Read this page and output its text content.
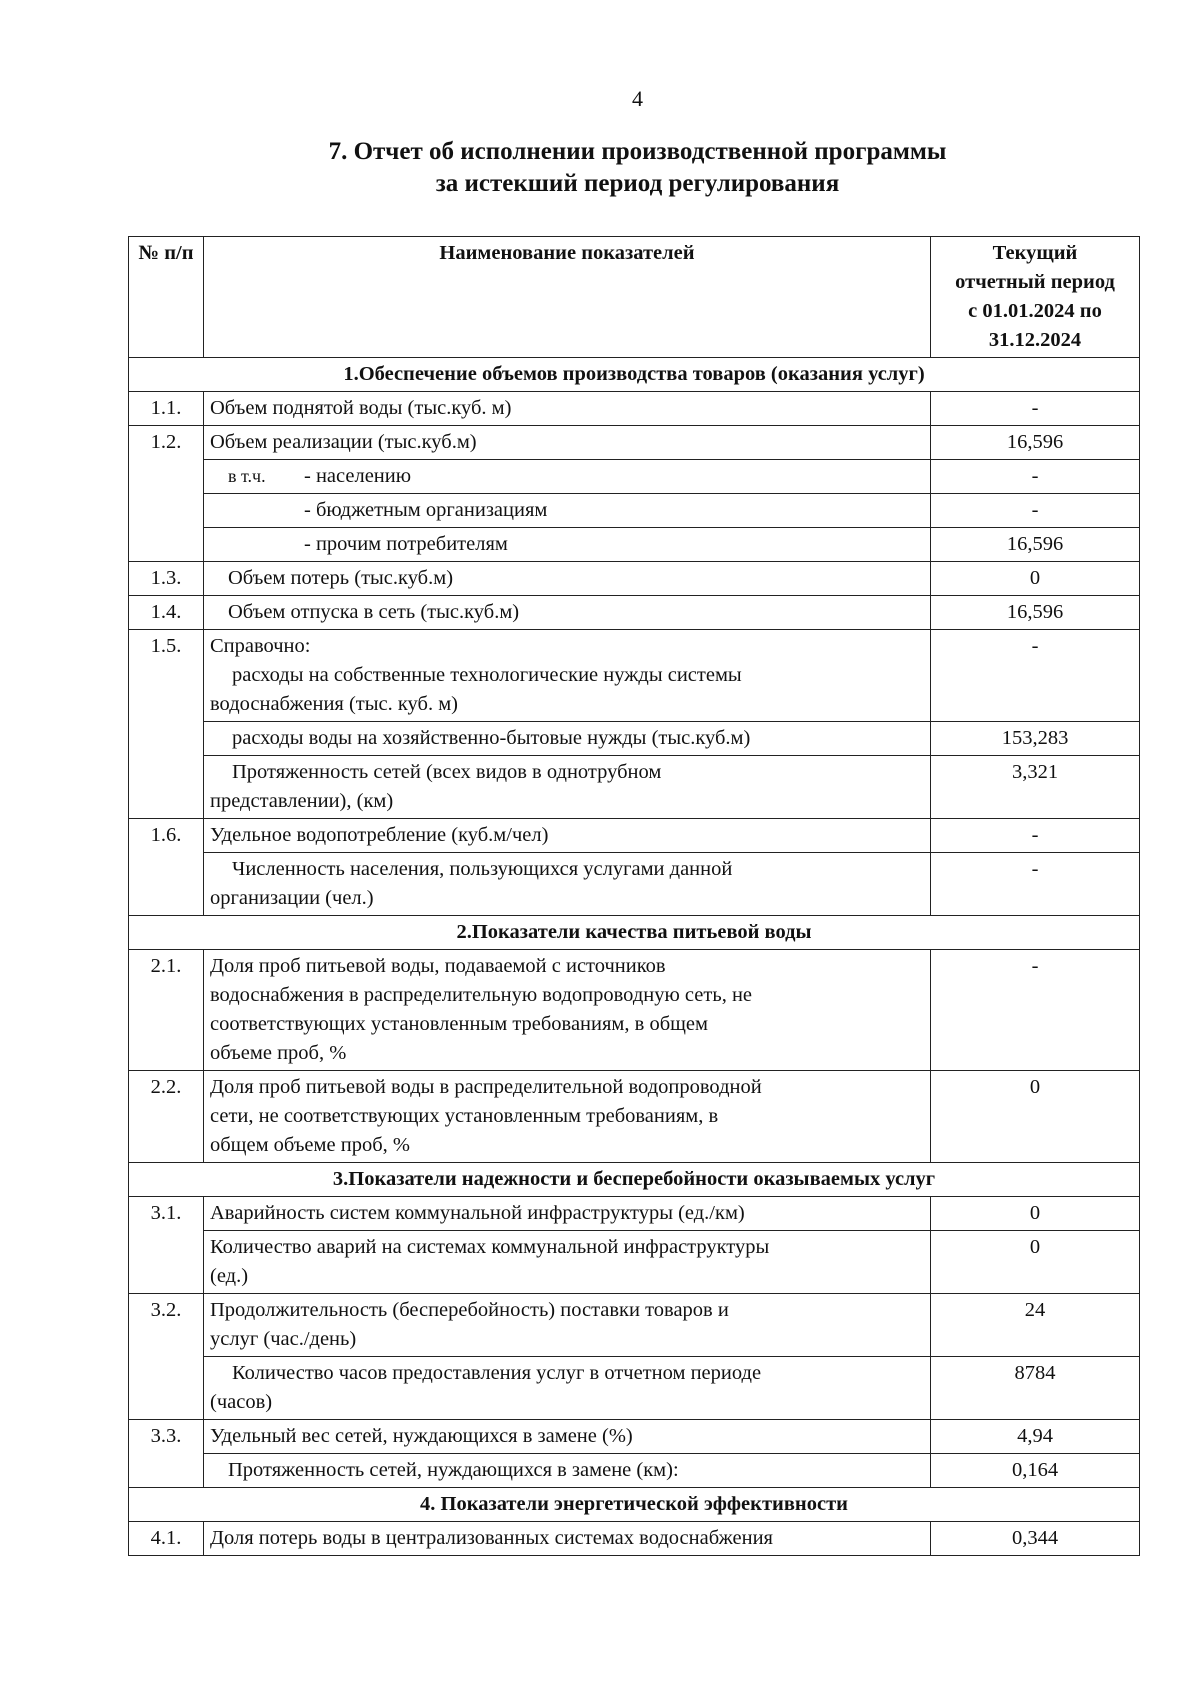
4
7. Отчет об исполнении производственной программы
за истекший период регулирования
№ п/п	Наименование показателей	Текущий
отчетный период
с 01.01.2024 по
31.12.2024

1.Обеспечение объемов производства товаров (оказания услуг)		
1.1.	Объем поднятой воды (тыс.куб. м)	-
1.2.	Объем реализации (тыс.куб.м)	16,596
	в т.ч. - населению	-
	- бюджетным организациям	-
	- прочим потребителям	16,596
1.3.	Объем потерь (тыс.куб.м)	0
1.4.	Объем отпуска в сеть (тыс.куб.м)	16,596
1.5.	Справочно:
расходы на собственные технологические нужды системы
водоснабжения (тыс. куб. м)	-
	расходы воды на хозяйственно-бытовые нужды (тыс.куб.м)	153,283

	Протяженность сетей (всех видов в однотрубном
представлении), (км)	3,321
1.6.	Удельное водопотребление (куб.м/чел)	-

	Численность населения, пользующихся услугами данной
организации (чел.)	-
2.Показатели качества питьевой воды		
2.1.	Доля проб питьевой воды, подаваемой с источников
водоснабжения в распределительную водопроводную сеть, не
соответствующих установленным требованиям, в общем
объеме проб, %	-
2.2.	Доля проб питьевой воды в распределительной водопроводной
сети, не соответствующих установленным требованиям, в
общем объеме проб, %	0
3.Показатели надежности и бесперебойности оказываемых услуг		
3.1.	Аварийность систем коммунальной инфраструктуры (ед./км)	0

	Количество аварий на системах коммунальной инфраструктуры
(ед.)	0
3.2.	Продолжительность (бесперебойность) поставки товаров и
услуг (час./день)	24

	Количество часов предоставления услуг в отчетном периоде
(часов)	8784
3.3.	Удельный вес сетей, нуждающихся в замене (%)	4,94
	Протяженность сетей, нуждающихся в замене (км):	0,164
4. Показатели энергетической эффективности		
4.1.	Доля потерь воды в централизованных системах водоснабжения	0,344
